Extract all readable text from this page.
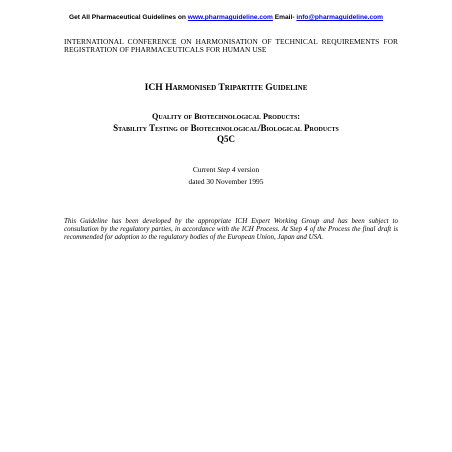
Get All Pharmaceutical Guidelines on www.pharmaguideline.com Email- info@pharmaguideline.com
INTERNATIONAL CONFERENCE ON HARMONISATION OF TECHNICAL REQUIREMENTS FOR REGISTRATION OF PHARMACEUTICALS FOR HUMAN USE
ICH Harmonised Tripartite Guideline
Quality of Biotechnological Products:
Stability Testing of Biotechnological/Biological Products
Q5C
Current Step 4 version
dated 30 November 1995
This Guideline has been developed by the appropriate ICH Expert Working Group and has been subject to consultation by the regulatory parties, in accordance with the ICH Process. At Step 4 of the Process the final draft is recommended for adoption to the regulatory bodies of the European Union, Japan and USA.
